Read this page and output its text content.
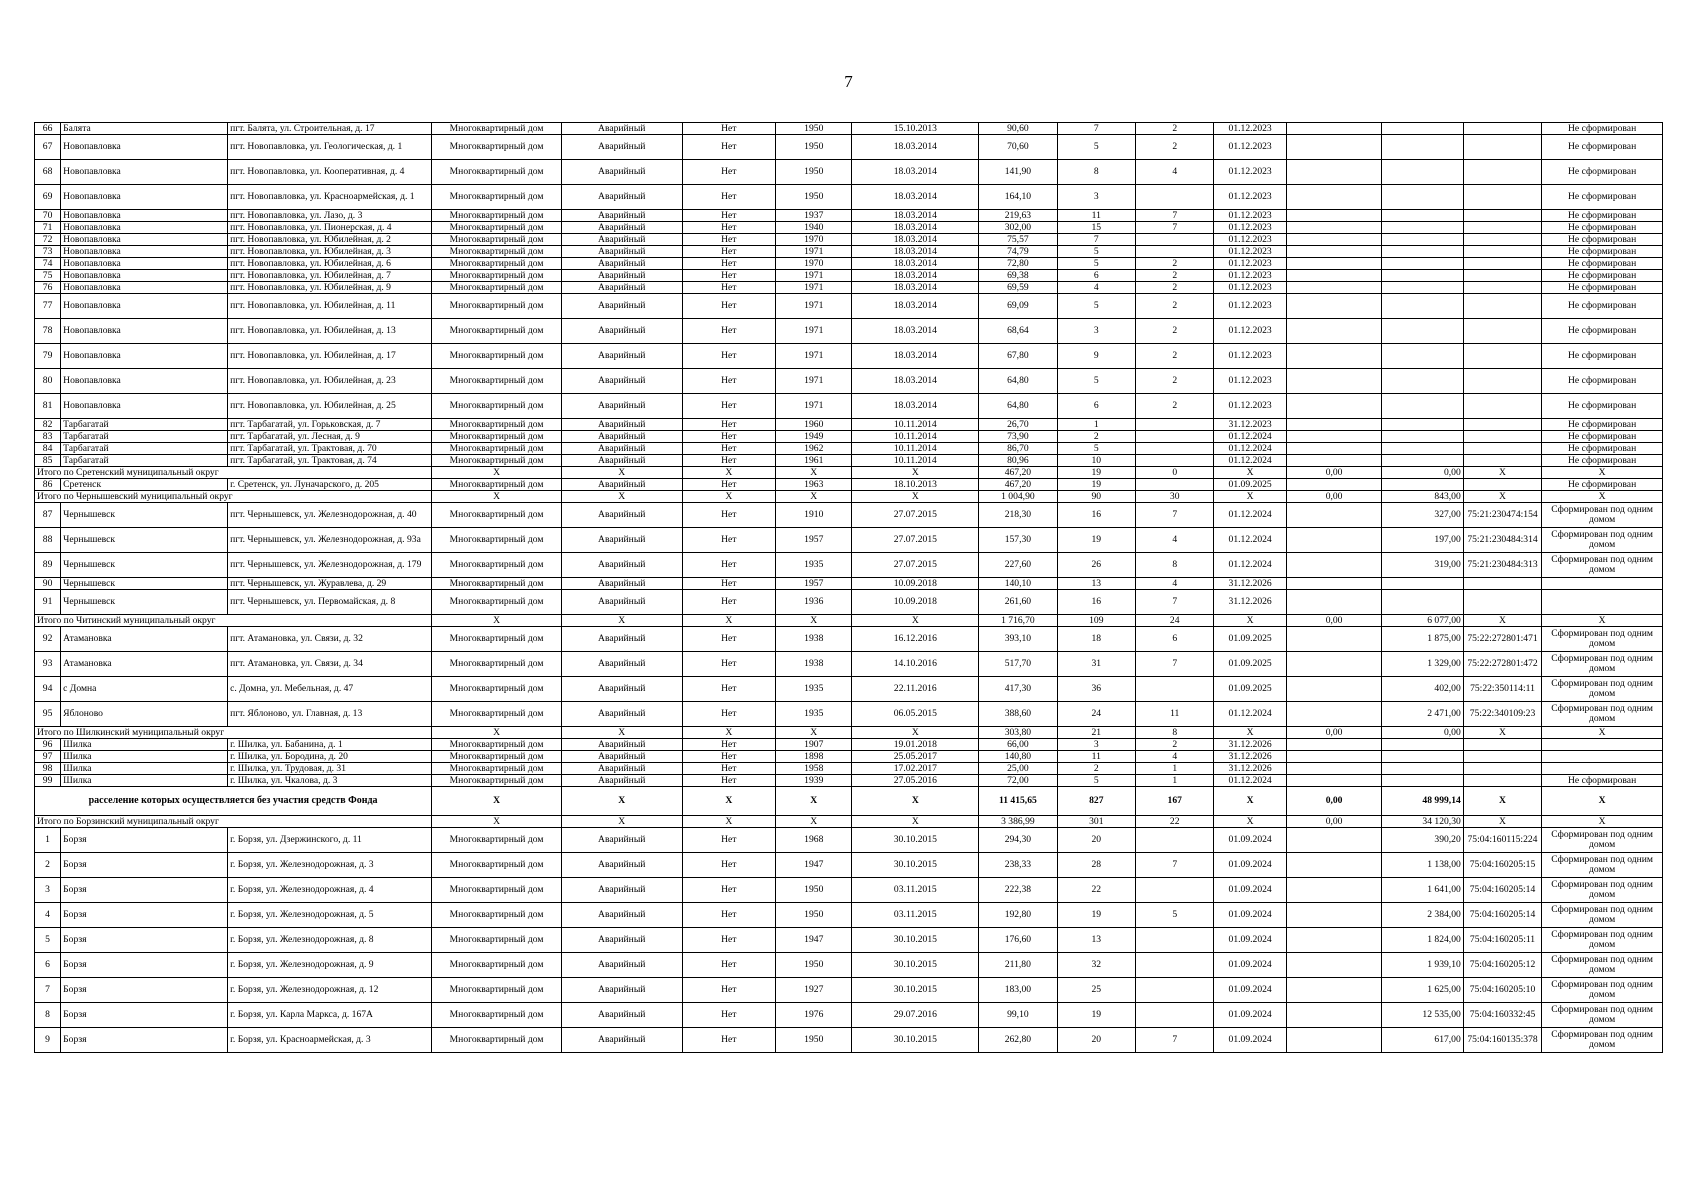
7
66	Балята	пгт. Балята, ул. Строительная, д. 17	Многоквартирный дом	Аварийный	Нет	1950	15.10.2013	90,60	7	2	01.12.2023				Не сформирован
67	Новопавловка	пгт. Новопавловка, ул. Геологическая, д. 1	Многоквартирный дом	Аварийный	Нет	1950	18.03.2014	70,60	5	2	01.12.2023				Не сформирован
68	Новопавловка	пгт. Новопавловка, ул. Кооперативная, д. 4	Многоквартирный дом	Аварийный	Нет	1950	18.03.2014	141,90	8	4	01.12.2023				Не сформирован
69	Новопавловка	пгт. Новопавловка, ул. Красноармейская, д. 1	Многоквартирный дом	Аварийный	Нет	1950	18.03.2014	164,10	3		01.12.2023				Не сформирован
70	Новопавловка	пгт. Новопавловка, ул. Лазо, д. 3	Многоквартирный дом	Аварийный	Нет	1937	18.03.2014	219,63	11	7	01.12.2023				Не сформирован
71	Новопавловка	пгт. Новопавловка, ул. Пионерская, д. 4	Многоквартирный дом	Аварийный	Нет	1940	18.03.2014	302,00	15	7	01.12.2023				Не сформирован
72	Новопавловка	пгт. Новопавловка, ул. Юбилейная, д. 2	Многоквартирный дом	Аварийный	Нет	1970	18.03.2014	75,57	7		01.12.2023				Не сформирован
73	Новопавловка	пгт. Новопавловка, ул. Юбилейная, д. 3	Многоквартирный дом	Аварийный	Нет	1971	18.03.2014	74,79	5		01.12.2023				Не сформирован
74	Новопавловка	пгт. Новопавловка, ул. Юбилейная, д. 6	Многоквартирный дом	Аварийный	Нет	1970	18.03.2014	72,80	5	2	01.12.2023				Не сформирован
75	Новопавловка	пгт. Новопавловка, ул. Юбилейная, д. 7	Многоквартирный дом	Аварийный	Нет	1971	18.03.2014	69,38	6	2	01.12.2023				Не сформирован
76	Новопавловка	пгт. Новопавловка, ул. Юбилейная, д. 9	Многоквартирный дом	Аварийный	Нет	1971	18.03.2014	69,59	4	2	01.12.2023				Не сформирован
77	Новопавловка	пгт. Новопавловка, ул. Юбилейная, д. 11	Многоквартирный дом	Аварийный	Нет	1971	18.03.2014	69,09	5	2	01.12.2023				Не сформирован
78	Новопавловка	пгт. Новопавловка, ул. Юбилейная, д. 13	Многоквартирный дом	Аварийный	Нет	1971	18.03.2014	68,64	3	2	01.12.2023				Не сформирован
79	Новопавловка	пгт. Новопавловка, ул. Юбилейная, д. 17	Многоквартирный дом	Аварийный	Нет	1971	18.03.2014	67,80	9	2	01.12.2023				Не сформирован
80	Новопавловка	пгт. Новопавловка, ул. Юбилейная, д. 23	Многоквартирный дом	Аварийный	Нет	1971	18.03.2014	64,80	5	2	01.12.2023				Не сформирован
81	Новопавловка	пгт. Новопавловка, ул. Юбилейная, д. 25	Многоквартирный дом	Аварийный	Нет	1971	18.03.2014	64,80	6	2	01.12.2023				Не сформирован
82	Тарбагатай	пгт. Тарбагатай, ул. Горьковская, д. 7	Многоквартирный дом	Аварийный	Нет	1960	10.11.2014	26,70	1		31.12.2023				Не сформирован
83	Тарбагатай	пгт. Тарбагатай, ул. Лесная, д. 9	Многоквартирный дом	Аварийный	Нет	1949	10.11.2014	73,90	2		01.12.2024				Не сформирован
84	Тарбагатай	пгт. Тарбагатай, ул. Трактовая, д. 70	Многоквартирный дом	Аварийный	Нет	1962	10.11.2014	86,70	5		01.12.2024				Не сформирован
85	Тарбагатай	пгт. Тарбагатай, ул. Трактовая, д. 74	Многоквартирный дом	Аварийный	Нет	1961	10.11.2014	80,96	10		01.12.2024				Не сформирован
Итого по Сретенский муниципальный округ			Х	Х	Х	Х	Х	467,20	19	0	Х	0,00	0,00	Х	Х
86	Сретенск	г. Сретенск, ул. Луначарского, д. 205	Многоквартирный дом	Аварийный	Нет	1963	18.10.2013	467,20	19		01.09.2025				Не сформирован
Итого по Чернышевский муниципальный округ			Х	Х	Х	Х	Х	1 004,90	90	30	Х	0,00	843,00	Х	Х
87	Чернышевск	пгт. Чернышевск, ул. Железнодорожная, д. 40	Многоквартирный дом	Аварийный	Нет	1910	27.07.2015	218,30	16	7	01.12.2024		327,00	75:21:230474:154	Сформирован под одним домом
88	Чернышевск	пгт. Чернышевск, ул. Железнодорожная, д. 93а	Многоквартирный дом	Аварийный	Нет	1957	27.07.2015	157,30	19	4	01.12.2024		197,00	75:21:230484:314	Сформирован под одним домом
89	Чернышевск	пгт. Чернышевск, ул. Железнодорожная, д. 179	Многоквартирный дом	Аварийный	Нет	1935	27.07.2015	227,60	26	8	01.12.2024		319,00	75:21:230484:313	Сформирован под одним домом
90	Чернышевск	пгт. Чернышевск, ул. Журавлева, д. 29	Многоквартирный дом	Аварийный	Нет	1957	10.09.2018	140,10	13	4	31.12.2026				
91	Чернышевск	пгт. Чернышевск, ул. Первомайская, д. 8	Многоквартирный дом	Аварийный	Нет	1936	10.09.2018	261,60	16	7	31.12.2026				
Итого по Читинский муниципальный округ			Х	Х	Х	Х	Х	1 716,70	109	24	Х	0,00	6 077,00	Х	Х
92	Атамановка	пгт. Атамановка, ул. Связи, д. 32	Многоквартирный дом	Аварийный	Нет	1938	16.12.2016	393,10	18	6	01.09.2025		1 875,00	75:22:272801:471	Сформирован под одним домом
93	Атамановка	пгт. Атамановка, ул. Связи, д. 34	Многоквартирный дом	Аварийный	Нет	1938	14.10.2016	517,70	31	7	01.09.2025		1 329,00	75:22:272801:472	Сформирован под одним домом
94	с Домна	с. Домна, ул. Мебельная, д. 47	Многоквартирный дом	Аварийный	Нет	1935	22.11.2016	417,30	36		01.09.2025		402,00	75:22:350114:11	Сформирован под одним домом
95	Яблоново	пгт. Яблоново, ул. Главная, д. 13	Многоквартирный дом	Аварийный	Нет	1935	06.05.2015	388,60	24	11	01.12.2024		2 471,00	75:22:340109:23	Сформирован под одним домом
Итого по Шилкинский муниципальный округ			Х	Х	Х	Х	Х	303,80	21	8	Х	0,00	0,00	Х	Х
96	Шилка	г. Шилка, ул. Бабанина, д. 1	Многоквартирный дом	Аварийный	Нет	1907	19.01.2018	66,00	3	2	31.12.2026				
97	Шилка	г. Шилка, ул. Бородина, д. 20	Многоквартирный дом	Аварийный	Нет	1898	25.05.2017	140,80	11	4	31.12.2026				
98	Шилка	г. Шилка, ул. Трудовая, д. 31	Многоквартирный дом	Аварийный	Нет	1958	17.02.2017	25,00	2	1	31.12.2026				
99	Шилка	г. Шилка, ул. Чкалова, д. 3	Многоквартирный дом	Аварийный	Нет	1939	27.05.2016	72,00	5	1	01.12.2024				Не сформирован
расселение которых осуществляется без участия средств Фонда			Х	Х	Х	Х	Х	11 415,65	827	167	Х	0,00	48 999,14	Х	Х
Итого по Борзинский муниципальный округ			Х	Х	Х	Х	Х	3 386,99	301	22	Х	0,00	34 120,30	Х	Х
1	Борзя	г. Борзя, ул. Дзержинского, д. 11	Многоквартирный дом	Аварийный	Нет	1968	30.10.2015	294,30	20		01.09.2024		390,20	75:04:160115:224	Сформирован под одним домом
2	Борзя	г. Борзя, ул. Железнодорожная, д. 3	Многоквартирный дом	Аварийный	Нет	1947	30.10.2015	238,33	28	7	01.09.2024		1 138,00	75:04:160205:15	Сформирован под одним домом
3	Борзя	г. Борзя, ул. Железнодорожная, д. 4	Многоквартирный дом	Аварийный	Нет	1950	03.11.2015	222,38	22		01.09.2024		1 641,00	75:04:160205:14	Сформирован под одним домом
4	Борзя	г. Борзя, ул. Железнодорожная, д. 5	Многоквартирный дом	Аварийный	Нет	1950	03.11.2015	192,80	19	5	01.09.2024		2 384,00	75:04:160205:14	Сформирован под одним домом
5	Борзя	г. Борзя, ул. Железнодорожная, д. 8	Многоквартирный дом	Аварийный	Нет	1947	30.10.2015	176,60	13		01.09.2024		1 824,00	75:04:160205:11	Сформирован под одним домом
6	Борзя	г. Борзя, ул. Железнодорожная, д. 9	Многоквартирный дом	Аварийный	Нет	1950	30.10.2015	211,80	32		01.09.2024		1 939,10	75:04:160205:12	Сформирован под одним домом
7	Борзя	г. Борзя, ул. Железнодорожная, д. 12	Многоквартирный дом	Аварийный	Нет	1927	30.10.2015	183,00	25		01.09.2024		1 625,00	75:04:160205:10	Сформирован под одним домом
8	Борзя	г. Борзя, ул. Карла Маркса, д. 167А	Многоквартирный дом	Аварийный	Нет	1976	29.07.2016	99,10	19		01.09.2024		12 535,00	75:04:160332:45	Сформирован под одним домом
9	Борзя	г. Борзя, ул. Красноармейская, д. 3	Многоквартирный дом	Аварийный	Нет	1950	30.10.2015	262,80	20	7	01.09.2024		617,00	75:04:160135:378	Сформирован под одним домом
